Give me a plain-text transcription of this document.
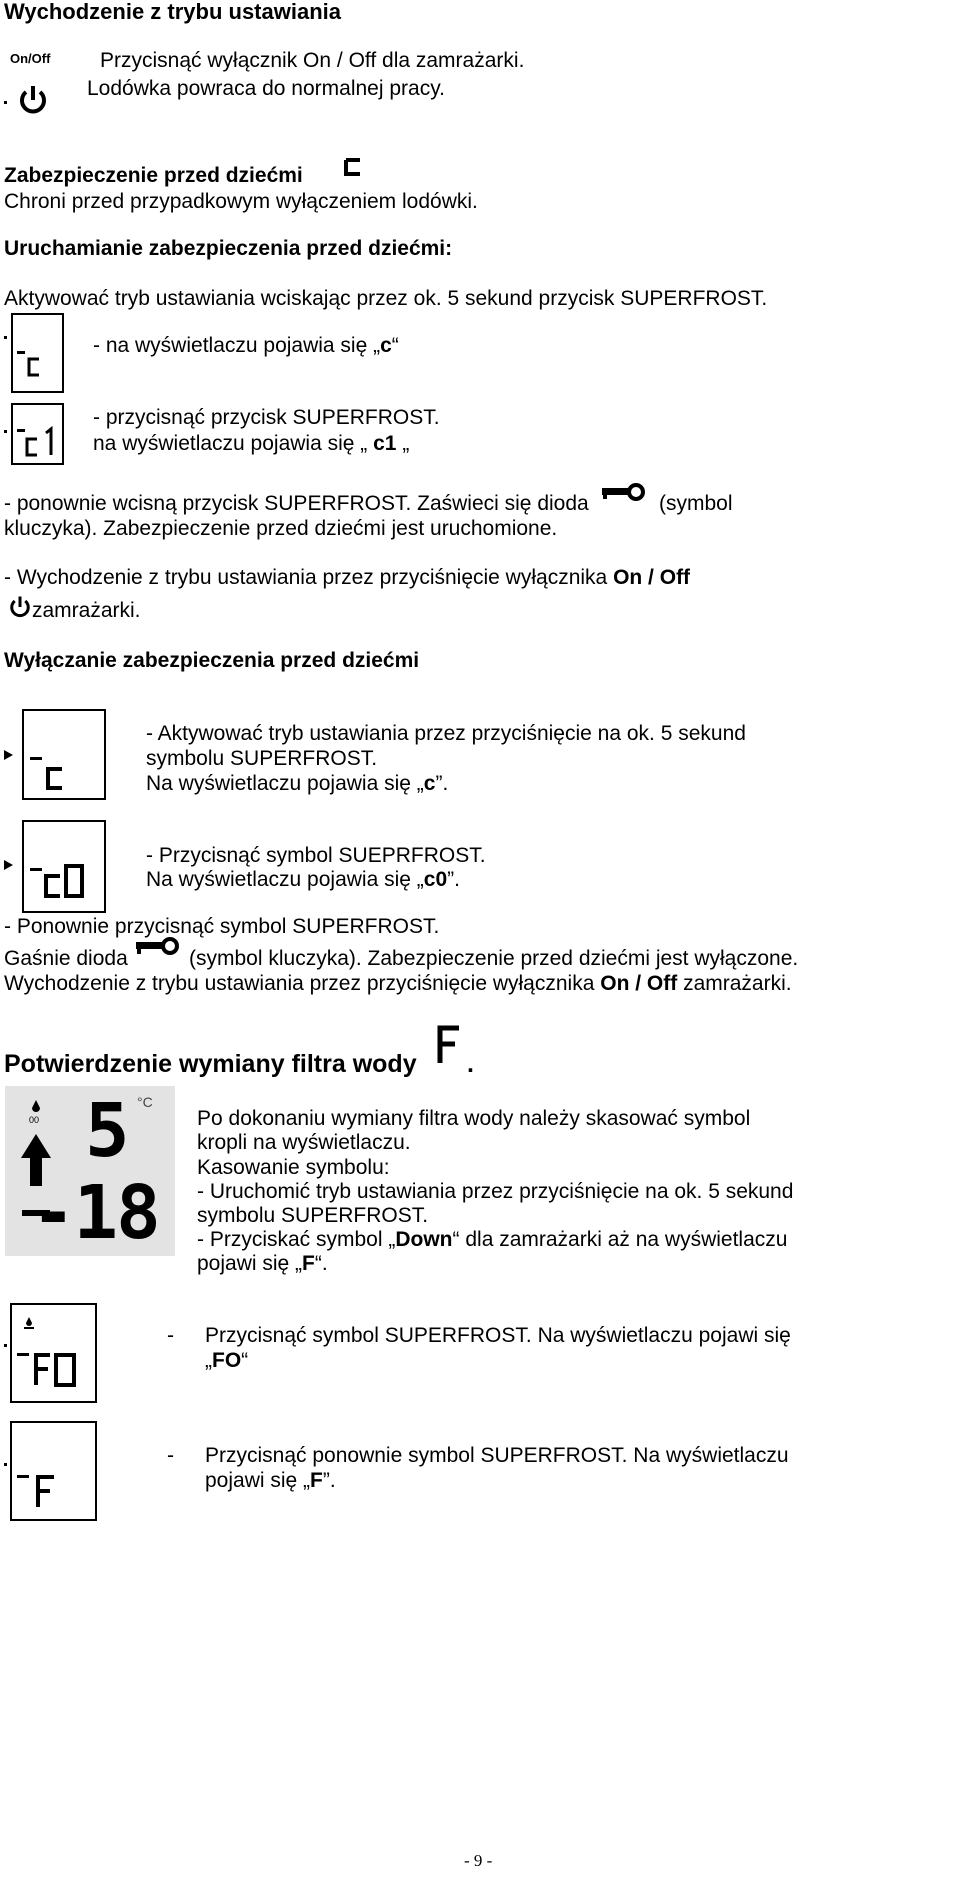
Wychodzenie z trybu ustawiania
On/Off Przycisnąć wyłącznik On / Off dla zamrażarki.
Lodówka powraca do normalnej pracy.
Zabezpieczenie przed dziećmi
Chroni przed przypadkowym wyłączeniem lodówki.
Uruchamianie zabezpieczenia przed dziećmi:
Aktywować tryb ustawiania wciskając przez ok. 5 sekund przycisk SUPERFROST.
- na wyświetlaczu pojawia się „c“
- przycisnąć przycisk SUPERFROST.
na wyświetlaczu pojawia się „ c1 „
- ponownie wcisną przycisk SUPERFROST. Zaświeci się dioda	(symbol
kluczyka). Zabezpieczenie przed dziećmi jest uruchomione.
- Wychodzenie z trybu ustawiania przez przyciśnięcie wyłącznika On / Off
zamrażarki.
Wyłączanie zabezpieczenia przed dziećmi
- Aktywować tryb ustawiania przez przyciśnięcie na ok. 5 sekund
symbolu SUPERFROST.
Na wyświetlaczu pojawia się „c”.
- Przycisnąć symbol SUEPRFROST.
Na wyświetlaczu pojawia się „c0”.
- Ponownie przycisnąć symbol SUPERFROST.
Gaśnie dioda	(symbol kluczyka). Zabezpieczenie przed dziećmi jest wyłączone.
Wychodzenie z trybu ustawiania przez przyciśnięcie wyłącznika On / Off zamrażarki.
Potwierdzenie wymiany filtra wody .
00 5 °C
-18
Po dokonaniu wymiany filtra wody należy skasować symbol
kropli na wyświetlaczu.
Kasowanie symbolu:
- Uruchomić tryb ustawiania przez przyciśnięcie na ok. 5 sekund
symbolu SUPERFROST.
- Przyciskać symbol „Down“ dla zamrażarki aż na wyświetlaczu
pojawi się „F“.
- Przycisnąć symbol SUPERFROST. Na wyświetlaczu pojawi się
„FO“
- Przycisnąć ponownie symbol SUPERFROST. Na wyświetlaczu
pojawi się „F”.
- 9 -
